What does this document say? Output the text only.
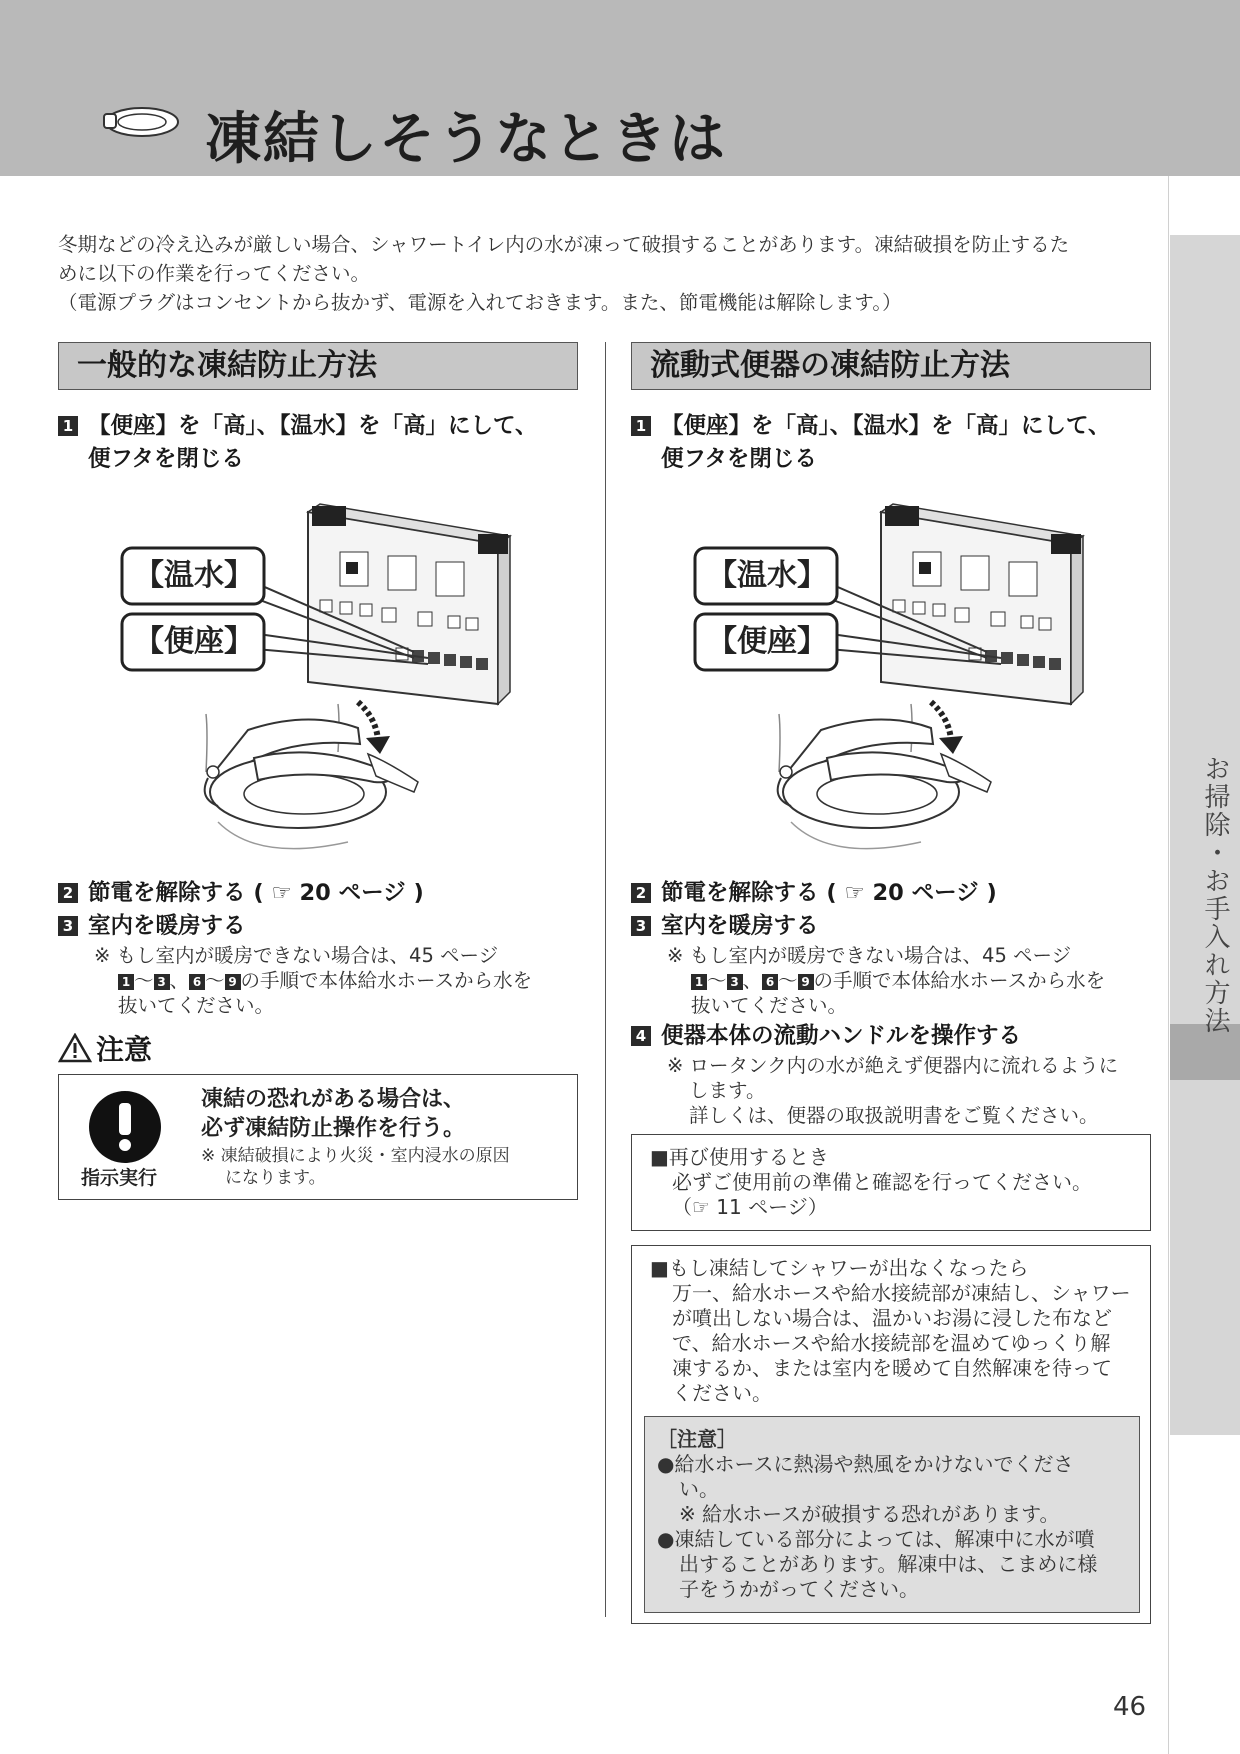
凍結しそうなときは
お掃除・お手入れ方法

冬期などの冷え込みが厳しい場合、シャワートイレ内の水が凍って破損することがあります。凍結破損を防止するた

めに以下の作業を行ってください。

（電源プラグはコンセントから抜かず、電源を入れておきます。また、節電機能は解除します。）

一般的な凍結防止方法
1 【便座】を「高」、【温水】を「高」にして、
便フタを閉じる
【温水】
【便座】
2 節電を解除する ( ☞ 20 ページ )
3 室内を暖房する
※ もし室内が暖房できない場合は、45 ページ
1 ～ 3 、 6 ～ 9 の手順で本体給水ホースから水を
抜いてください。
注意
指示実行
凍結の恐れがある場合は、
必ず凍結防止操作を行う。
※ 凍結破損により火災・室内浸水の原因
になります。
流動式便器の凍結防止方法
1 【便座】を「高」、【温水】を「高」にして、
便フタを閉じる
【温水】
【便座】
2 節電を解除する ( ☞ 20 ページ )
3 室内を暖房する
※ もし室内が暖房できない場合は、45 ページ
1 ～ 3 、 6 ～ 9 の手順で本体給水ホースから水を
抜いてください。
4 便器本体の流動ハンドルを操作する
※ ロータンク内の水が絶えず便器内に流れるように
します。
詳しくは、便器の取扱説明書をご覧ください。
■再び使用するとき
必ずご使用前の準備と確認を行ってください。
（☞ 11 ページ）
■もし凍結してシャワーが出なくなったら
万一、給水ホースや給水接続部が凍結し、シャワー
が噴出しない場合は、温かいお湯に浸した布など
で、給水ホースや給水接続部を温めてゆっくり解
凍するか、または室内を暖めて自然解凍を待って
ください。
［注意］
●給水ホースに熱湯や熱風をかけないでくださ
い。
※ 給水ホースが破損する恐れがあります。
●凍結している部分によっては、解凍中に水が噴
出することがあります。解凍中は、こまめに様
子をうかがってください。
46
